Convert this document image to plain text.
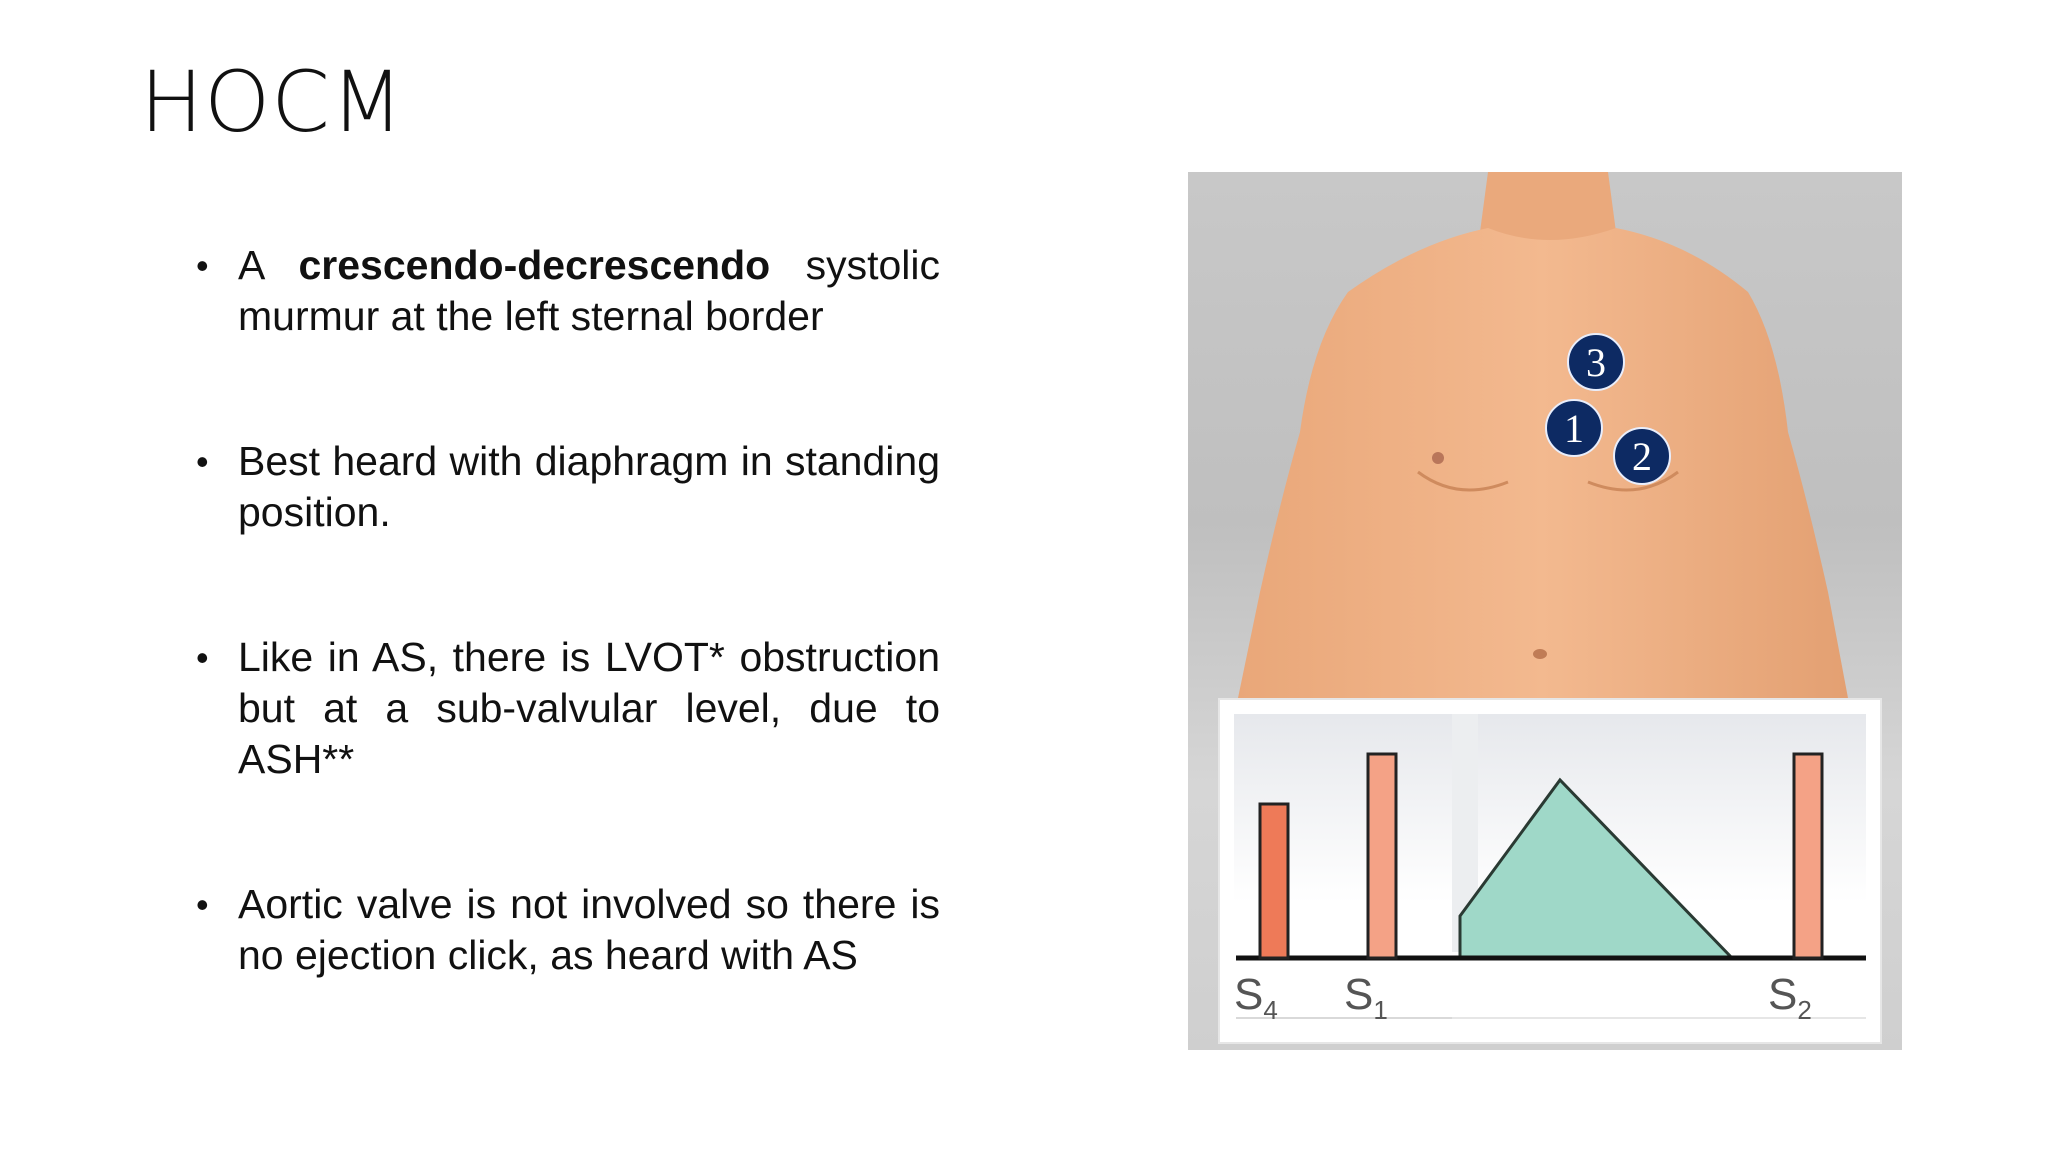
HOCM
• A crescendo-decrescendo systolic murmur at the left sternal border
• Best heard with diaphragm in standing position.
• Like in AS, there is LVOT* obstruction but at a sub-valvular level, due to ASH**
• Aortic valve is not involved so there is no ejection click, as heard with AS
3
1
2
$S_4$ $S_1$	$S_2$
